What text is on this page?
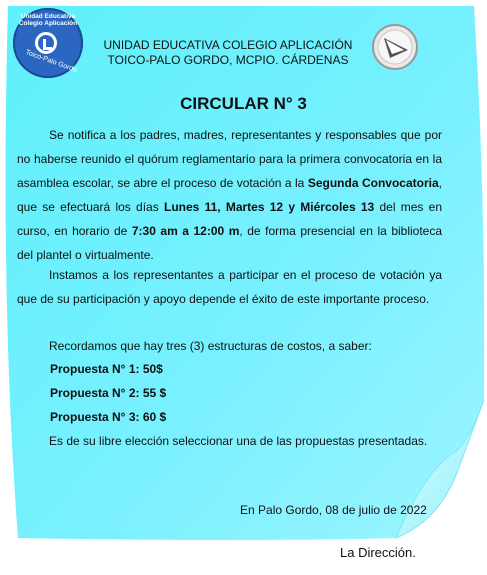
Unidad Educativa Colegio Aplicación
Toico-Palo Gordo
UNIDAD EDUCATIVA COLEGIO APLICACIÓN
TOICO-PALO GORDO, MCPIO. CÁRDENAS
CIRCULAR N° 3
Se notifica a los padres, madres, representantes y responsables que por no haberse reunido el quórum reglamentario para la primera convocatoria en la asamblea escolar, se abre el proceso de votación a la Segunda Convocatoria, que se efectuará los días Lunes 11, Martes 12 y Miércoles 13 del mes en curso, en horario de 7:30 am a 12:00 m, de forma presencial en la biblioteca del plantel o virtualmente.
Instamos a los representantes a participar en el proceso de votación ya que de su participación y apoyo depende el éxito de este importante proceso.
Recordamos que hay tres (3) estructuras de costos, a saber:
Propuesta N° 1: 50$
Propuesta N° 2: 55 $
Propuesta N° 3: 60 $
Es de su libre elección seleccionar una de las propuestas presentadas.
En Palo Gordo, 08 de julio de 2022
La Dirección.
